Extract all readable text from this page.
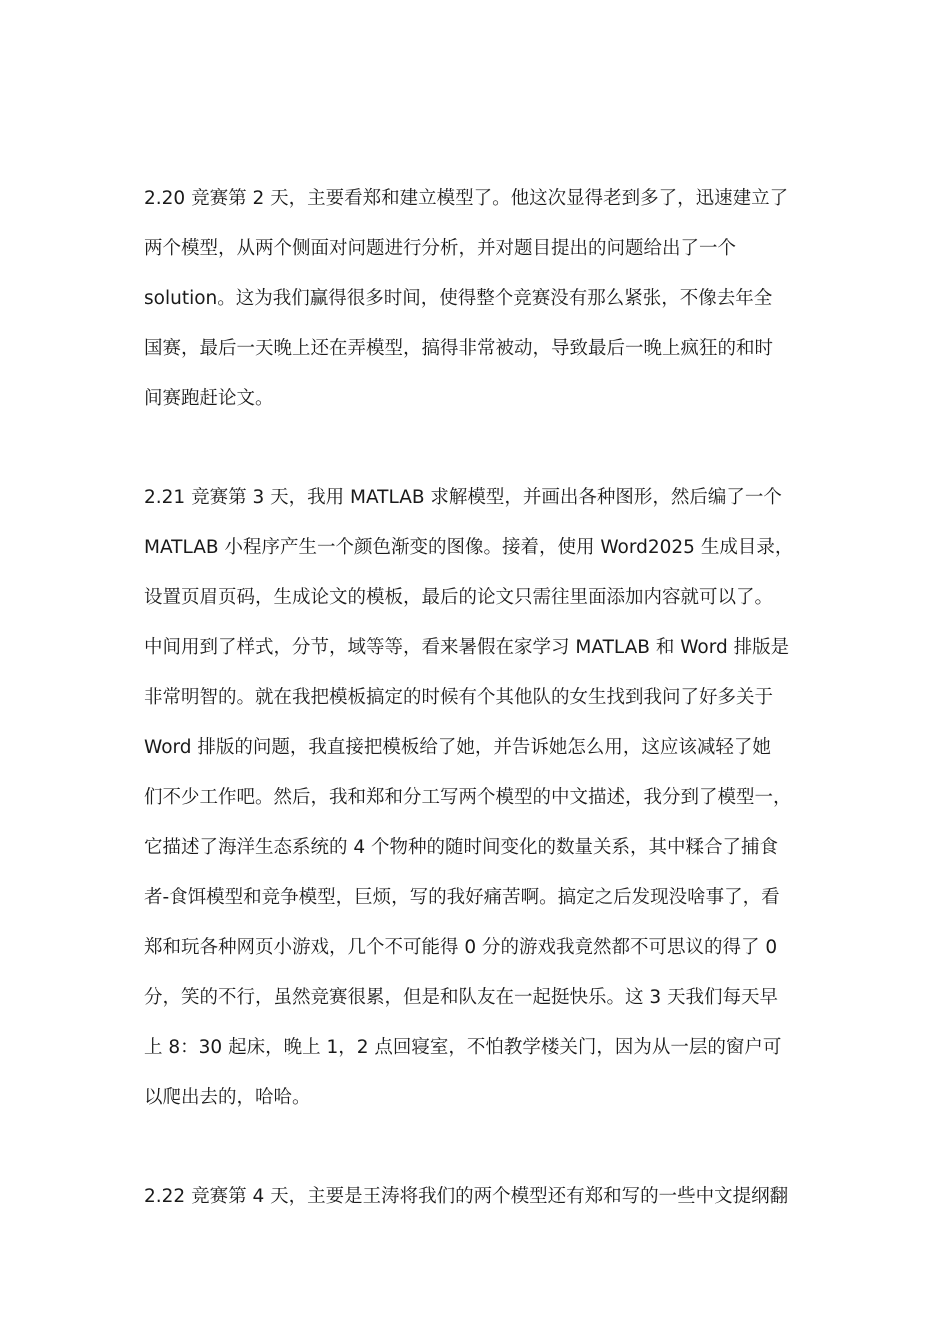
2.20 竞赛第 2 天，主要看郑和建立模型了。他这次显得老到多了，迅速建立了
两个模型，从两个侧面对问题进行分析，并对题目提出的问题给出了一个
solution。这为我们赢得很多时间，使得整个竞赛没有那么紧张，不像去年全
国赛，最后一天晚上还在弄模型，搞得非常被动，导致最后一晚上疯狂的和时
间赛跑赶论文。
2.21 竞赛第 3 天，我用 MATLAB 求解模型，并画出各种图形，然后编了一个
MATLAB 小程序产生一个颜色渐变的图像。接着，使用 Word2025 生成目录，
设置页眉页码，生成论文的模板，最后的论文只需往里面添加内容就可以了。
中间用到了样式，分节，域等等，看来暑假在家学习 MATLAB 和 Word 排版是
非常明智的。就在我把模板搞定的时候有个其他队的女生找到我问了好多关于
Word 排版的问题，我直接把模板给了她，并告诉她怎么用，这应该减轻了她
们不少工作吧。然后，我和郑和分工写两个模型的中文描述，我分到了模型一，
它描述了海洋生态系统的 4 个物种的随时间变化的数量关系，其中糅合了捕食
者-食饵模型和竞争模型，巨烦，写的我好痛苦啊。搞定之后发现没啥事了，看
郑和玩各种网页小游戏，几个不可能得 0 分的游戏我竟然都不可思议的得了 0
分，笑的不行，虽然竞赛很累，但是和队友在一起挺快乐。这 3 天我们每天早
上 8：30 起床，晚上 1，2 点回寝室，不怕教学楼关门，因为从一层的窗户可
以爬出去的，哈哈。
2.22 竞赛第 4 天，主要是王涛将我们的两个模型还有郑和写的一些中文提纲翻
